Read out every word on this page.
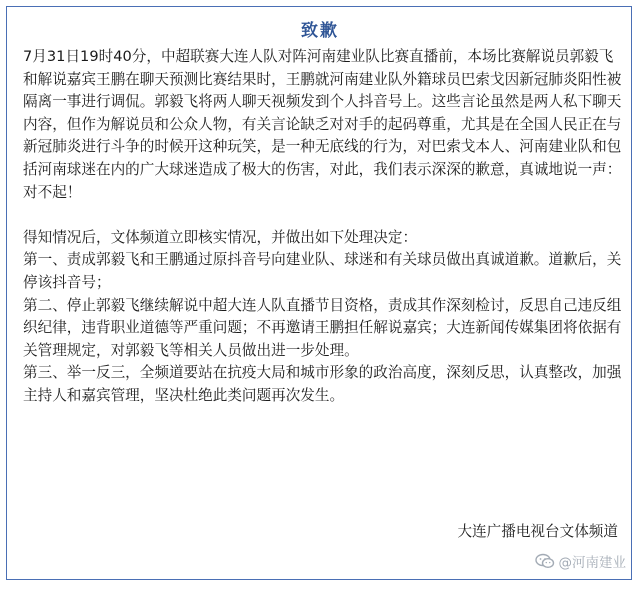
致歉

7月31日19时40分，中超联赛大连人队对阵河南建业队比赛直播前，本场比赛解说员郭毅飞和解说嘉宾王鹏在聊天预测比赛结果时，王鹏就河南建业队外籍球员巴索戈因新冠肺炎阳性被隔离一事进行调侃。郭毅飞将两人聊天视频发到个人抖音号上。这些言论虽然是两人私下聊天内容，但作为解说员和公众人物，有关言论缺乏对对手的起码尊重，尤其是在全国人民正在与新冠肺炎进行斗争的时候开这种玩笑，是一种无底线的行为，对巴索戈本人、河南建业队和包括河南球迷在内的广大球迷造成了极大的伤害，对此，我们表示深深的歉意，真诚地说一声：对不起！

得知情况后，文体频道立即核实情况，并做出如下处理决定：

第一、责成郭毅飞和王鹏通过原抖音号向建业队、球迷和有关球员做出真诚道歉。道歉后，关停该抖音号；

第二、停止郭毅飞继续解说中超大连人队直播节目资格，责成其作深刻检讨，反思自己违反组织纪律，违背职业道德等严重问题；不再邀请王鹏担任解说嘉宾；大连新闻传媒集团将依据有关管理规定，对郭毅飞等相关人员做出进一步处理。

第三、举一反三，全频道要站在抗疫大局和城市形象的政治高度，深刻反思，认真整改，加强主持人和嘉宾管理，坚决杜绝此类问题再次发生。

大连广播电视台文体频道
@河南建业
